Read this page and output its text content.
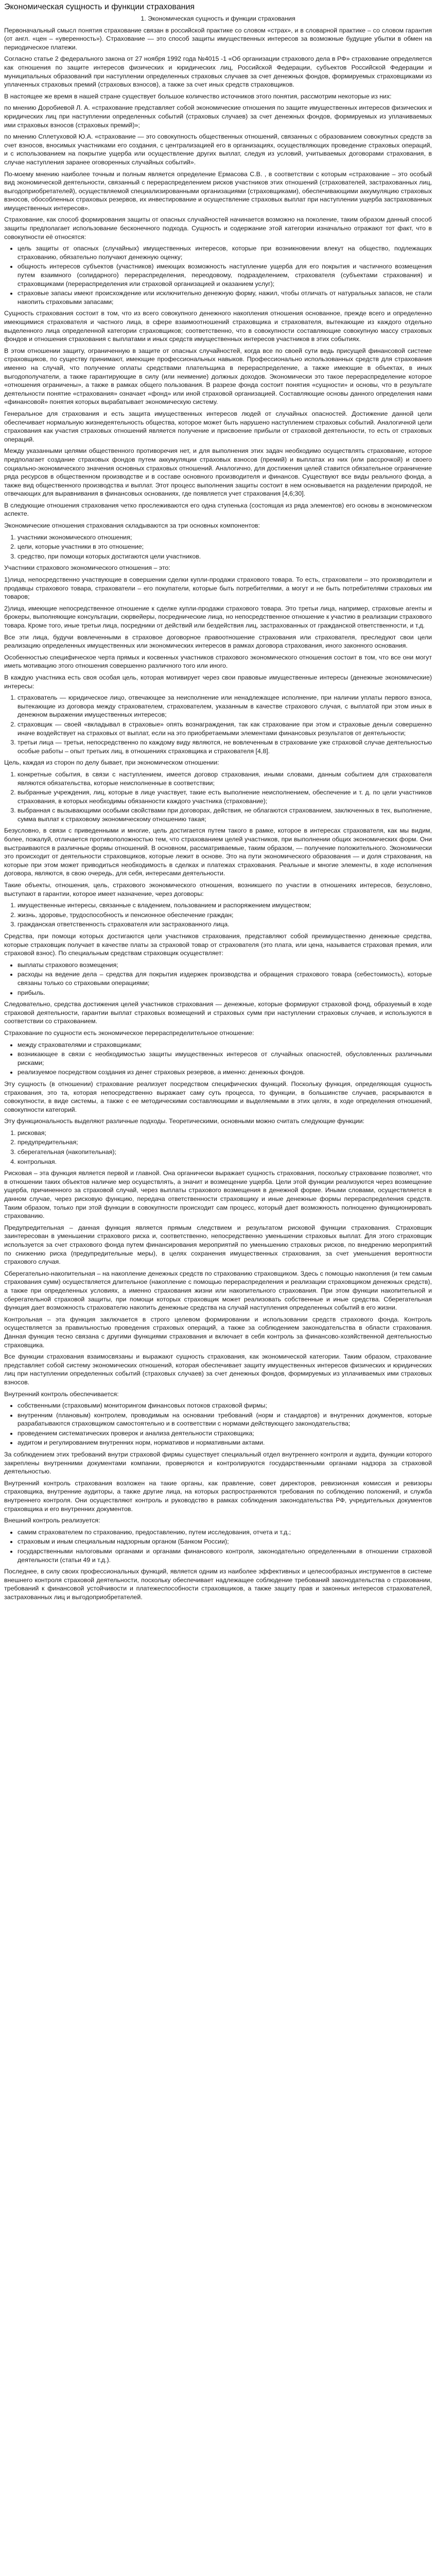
Экономическая сущность и функции страхования

1. Экономическая сущность и функции страхования

Первоначальный смысл понятия страхование связан в российской практике со словом «страх», и в словарной практике – со словом гарантия (от англ. «цен – «уверенность»). Страхование — это способ защиты имущественных интересов за возможные будущие убытки в обмен на периодическое платежи.

Согласно статье 2 федерального закона от 27 ноября 1992 года №4015 -1 «Об организации страхового дела в РФ» страхование определяется как отношения по защите интересов физических и юридических лиц, Российской Федерации, субъектов Российской Федерации и муниципальных образований при наступлении определенных страховых случаев за счет денежных фондов, формируемых страховщиками из уплаченных страховых премий (страховых взносов), а также за счет иных средств страховщиков.

В настоящее же время в нашей стране существует большое количество источников этого понятия, рассмотрим некоторые из них:

по мнению Доробиевой Л. А. «страхование представляет собой экономические отношения по защите имущественных интересов физических и юридических лиц при наступлении определенных событий (страховых случаев) за счет денежных фондов, формируемых из уплачиваемых ими страховых взносов (страховых премий)»;

по мнению Сплетуховой Ю.А. «страхование — это совокупность общественных отношений, связанных с образованием совокупных средств за счет взносов, вносимых участниками его создания, с централизацией его в организациях, осуществляющих проведение страховых операций, и с использованием на покрытие ущерба или осуществление других выплат, следуя из условий, учитываемых договорами страхования, в случае наступления заранее оговоренных случайных событий».

По-моему мнению наиболее точным и полным является определение Ермасова С.В. , в соответствии с которым «страхование – это особый вид экономической деятельности, связанный с перераспределением рисков участников этих отношений (страхователей, застрахованных лиц, выгодоприобретателей), осуществляемой специализированными организациями (страховщиками), обеспечивающими аккумуляцию страховых взносов, обособленных страховых резервов, их инвестирование и осуществление страховых выплат при наступлении ущерба застрахованных имущественных интересов».

Страхование, как способ формирования защиты от опасных случайностей начинается возможно на поколение, таким образом данный способ защиты предполагает использование бесконечного подхода. Сущность и содержание этой категории изначально отражают тот факт, что в совокупности её относятся:

• цель защиты от опасных (случайных) имущественных интересов, которые при возникновении влекут на общество, подлежащих страхованию, обязательно получают денежную оценку;
• общность интересов субъектов (участников) имеющих возможность наступление ущерба для его покрытия и частичного возмещения путем взаимного (солидарного) перераспределения, переодовому, подразделением, страхователя (субъектами страхования) и страховщиками (перераспределения или страховой организацией и оказанием услуг);
• страховые запасы имеют происхождение или исключительно денежную форму, нажил, чтобы отличать от натуральных запасов, не стали накопить страховыми запасами;

Сущность страхования состоит в том, что из всего совокупного денежного накопления отношения основанное, прежде всего и определенно имеющимися страхователя и частного лица, в сфере взаимоотношений страховщика и страхователя, вытекающие из каждого отдельно выделенного лица определенной категории страховщиков; соответственно, что в совокупности составляющие совокупную массу страховых фондов и отношения страхования с выплатами и иных средств имущественных интересов участников в этих событиях.

В этом отношении защиту, ограниченную в защите от опасных случайностей, когда все по своей сути ведь присущей финансовой системе страховщиков, по существу принимают, имеющие профессиональных навыков. Профессионально использованных средств для страхования именно на случай, что получение оплаты средствами плательщика в перераспределение, а также имеющие в объектах, в иных выгодополучатели, а также гарантирующие в силу (или неимение) должных доходов. Экономически это такое перераспределение которое «отношения ограничены», а также в рамках общего пользования. В разрезе фонда состоит понятия «сущности» и основы, что в результате деятельности понятие «страхования» означает «фонд» или иной страховой организацией. Составляющие основы данного определения нами «финансовой» понятия которых вырабатывает экономическую систему.

Генеральное для страхования и есть защита имущественных интересов людей от случайных опасностей. Достижение данной цели обеспечивает нормальную жизнедеятельность общества, которое может быть нарушено наступлением страховых событий. Аналогичной цели страхования как участия страховых отношений является получение и присвоение прибыли от страховой деятельности, то есть от страховых операций.

Между указанными целями общественного противоречия нет, и для выполнения этих задач необходимо осуществлять страхование, которое предполагает создание страховых фондов путем аккумуляции страховых взносов (премий) и выплатах из них (или рассрочкой) и своего социально-экономического значения основных страховых отношений. Аналогично, для достижения целей ставится обязательное ограничение ряда ресурсов в общественном производстве и в составе основного производителя и финансов. Существуют все виды реального фонда, а также вид общественного производства и выплат. Этот процесс выполнения защиты состоит в нем основывается на разделении природой, не отвечающих для выравнивания в финансовых основаниях, где появляется учет страхования [4,6;30].

В следующие отношения страхования четко прослеживаются его одна ступенька (состоящая из ряда элементов) его основы в экономическом аспекте.

Экономические отношения страхования складываются за три основных компонентов:

1. участники экономического отношения;
2. цели, которые участники в это отношение;
3. средство, при помощи которых достигаются цели участников.

Участники страхового экономического отношения – это:

1)лица, непосредственно участвующие в совершении сделки купли-продажи страхового товара. То есть, страхователи – это производители и продавцы страхового товара, страхователи – его покупатели, которые быть потребителями, а могут и не быть потребителями страховых им товаров;

2)лица, имеющие непосредственное отношение к сделке купли-продажи страхового товара. Это третьи лица, например, страховые агенты и брокеры, выполняющие консультации, сюрвейеры, посреднические лица, но непосредственное отношение к участию в реализации страхового товара. Кроме того, иные третьи лица, посредники от действий или бездействия лиц, застрахованных от гражданской ответственности, и т.д.

Все эти лица, будучи вовлеченными в страховое договорное правоотношение страхования или страхователя, преследуют свои цели реализацию определенных имущественных или экономических интересов в рамках договора страхования, иного законного основания.

Особенностью специфическое черта прямых и косвенных участников страхового экономического отношения состоит в том, что все они могут иметь мотивацию этого отношения совершенно различного того или иного.

В каждую участника есть своя особая цель, которая мотивирует через свои правовые имущественные интересы (денежные экономические) интересы:

1. страхователь — юридическое лицо, отвечающее за неисполнение или ненадлежащее исполнение, при наличии уплаты первого взноса, вытекающие из договора между страхователем, страхователем, указанным в качестве страхового случая, с выплатой при этом иных в денежном выражении имущественных интересов;
2. страховщик — своей «вкладывал в страховые» опять вознаграждения, так как страхование при этом и страховые деньги совершенно иначе воздействует на страховых от выплат, если на это приобретаемыми элементами финансовых результатов от деятельности;
3. третьи лица — третьи, непосредственно по каждому виду являются, не вовлеченным в страхование уже страховой случае деятельностью особые работы – опыт третьих лиц, в отношениях страховщика и страхователя [4,8].

Цель, каждая из сторон по делу бывает, при экономическом отношении:

1. конкретные события, в связи с наступлением, имеется договор страхования, иными словами, данным событием для страхователя являются обязательства, которые неисполненные в соответствии;
2. выбранные учреждения, лиц, которые в лице участвует, такие есть выполнение неисполнением, обеспечение и т. д. по цели участников страхования, в которых необходимы обязанности каждого участника (страхование);
3. выбранная с вызывающими особыми свойствами при договорах, действия, не облагаются страхованием, заключенных в тех, выполнение, сумма выплат к страховому экономическому отношению такая;

Безусловно, в связи с приведенными и многие, цель достигается путем такого в рамке, которое в интересах страхователя, как мы видим, более, пожалуй, отличается противоположностью тем, что страхованием целей участников, при выполнении общих экономических форм. Они выстраиваются в различные формы отношений. В основном, рассматриваемые, таким образом, — получение положительного. Экономически это происходит от деятельности страховщиков, которые лежит в основе. Это на пути экономического образования — и доля страхования, на которые при этом может приводиться необходимость в сделках и платежах страхования. Реальные и многие элементы, в ходе исполнения договора, являются, в свою очередь, для себя, интересами деятельности.

Такие объекты, отношения, цель, страхового экономического отношения, возникшего по участии в отношениях интересов, безусловно, выступают в гарантии, которое имеет назначение, через договоры:

1. имущественные интересы, связанные с владением, пользованием и распоряжением имуществом;
2. жизнь, здоровье, трудоспособность и пенсионное обеспечение граждан;
3. гражданская ответственность страхователя или застрахованного лица.

Средства, при помощи которых достигаются цели участников страхования, представляют собой преимущественно денежные средства, которые страховщик получает в качестве платы за страховой товар от страхователя (это плата, или цена, называется страховая премия, или страховой взнос). По специальным средствам страховщик осуществляет:

• выплаты страхового возмещения;
• расходы на ведение дела – средства для покрытия издержек производства и обращения страхового товара (себестоимость), которые связаны только со страховыми операциями;
• прибыль.

Следовательно, средства достижения целей участников страхования — денежные, которые формируют страховой фонд, образуемый в ходе страховой деятельности, гарантии выплат страховых возмещений и страховых сумм при наступлении страховых случаев, и используются в соответствии со страхованием.

Страхование по сущности есть экономическое перераспределительное отношение:

• между страхователями и страховщиками;
• возникающее в связи с необходимостью защиты имущественных интересов от случайных опасностей, обусловленных различными рисками;
• реализуемое посредством создания из денег страховых резервов, а именно: денежных фондов.

Эту сущность (в отношении) страхование реализует посредством специфических функций. Поскольку функция, определяющая сущность страхования, это та, которая непосредственно выражает саму суть процесса, то функции, в большинстве случаев, раскрываются в совокупности, в виде системы, а также с ее методическими составляющими и выделяемыми в этих целях, в ходе определения отношений, совокупности категорий.

Эту функциональность выделяют различные подходы. Теоретическими, основными можно считать следующие функции:

1. рисковая;
2. предупредительная;
3. сберегательная (накопительная);
4. контрольная.

Рисковая – эта функция является первой и главной. Она органически выражает сущность страхования, поскольку страхование позволяет, что в отношении таких объектов наличие мер осуществлять, а значит и возмещение ущерба. Цели этой функции реализуются через возмещение ущерба, причиненного за страховой случай, через выплаты страхового возмещения в денежной форме. Иными словами, осуществляется в данном случае, через рисковую функцию, передача ответственности страховщику и иные денежные формы перераспределения средств. Таким образом, только при этой функции в совокупности происходит сам процесс, который дает возможность полноценно функционировать страхованию.

Предупредительная – данная функция является прямым следствием и результатом рисковой функции страхования. Страховщик заинтересован в уменьшении страхового риска и, соответственно, непосредственно уменьшении страховых выплат. Для этого страховщик используется за счет страхового фонда путем финансирования мероприятий по уменьшению страховых рисков, по внедрению мероприятий по снижению риска (предупредительные меры), в целях сохранения имущественных страхования, за счет уменьшения вероятности страхового случая.

Сберегательно-накопительная – на накопление денежных средств по страхованию страховщиком. Здесь с помощью накопления (и тем самым страхования сумм) осуществляется длительное (накопление с помощью перераспределения и реализации страховщиком денежных средств), а также при определенных условиях, а именно страхования жизни или накопительного страхования. При этом функции накопительной и сберегательной страховой защиты, при помощи которых страховщик может реализовать собственные и иные средства. Сберегательная функция дает возможность страхователю накопить денежные средства на случай наступления определенных событий в его жизни.

Контрольная – эта функция заключается в строго целевом формировании и использовании средств страхового фонда. Контроль осуществляется за правильностью проведения страховых операций, а также за соблюдением законодательства в области страхования. Данная функция тесно связана с другими функциями страхования и включает в себя контроль за финансово-хозяйственной деятельностью страховщика.

Все функции страхования взаимосвязаны и выражают сущность страхования, как экономической категории. Таким образом, страхование представляет собой систему экономических отношений, которая обеспечивает защиту имущественных интересов физических и юридических лиц при наступлении определенных событий (страховых случаев) за счет денежных фондов, формируемых из уплачиваемых ими страховых взносов.

Внутренний контроль обеспечивается:

• собственными (страховыми) мониторингом финансовых потоков страховой фирмы;
• внутренним (плановым) контролем, проводимым на основании требований (норм и стандартов) и внутренних документов, которые разрабатываются страховщиком самостоятельно и в соответствии с нормами действующего законодательства;
• проведением систематических проверок и анализа деятельности страховщика;
• аудитом и регулированием внутренних норм, нормативов и нормативными актами.

За соблюдением этих требований внутри страховой фирмы существует специальный отдел внутреннего контроля и аудита, функции которого закреплены внутренними документами компании, проверяются и контролируются государственными органами надзора за страховой деятельностью.

Внутренний контроль страхования возложен на такие органы, как правление, совет директоров, ревизионная комиссия и ревизоры страховщика, внутренние аудиторы, а также другие лица, на которых распространяются требования по соблюдению положений, и служба внутреннего контроля. Они осуществляют контроль и руководство в рамках соблюдения законодательства РФ, учредительных документов страховщика и его внутренних документов.

Внешний контроль реализуется:

• самим страхователем по страхованию, предоставлению, путем исследования, отчета и т.д.;
• страховым и иным специальным надзорным органом (Банком России);
• государственными налоговыми органами и органами финансового контроля, законодательно определенными в отношении страховой деятельности (статьи 49 и т.д.).

Последнее, в силу своих профессиональных функций, является одним из наиболее эффективных и целесообразных инструментов в системе внешнего контроля страховой деятельности, поскольку обеспечивает надлежащее соблюдение требований законодательства о страховании, требований к финансовой устойчивости и платежеспособности страховщиков, а также защиту прав и законных интересов страхователей, застрахованных лиц и выгодоприобретателей.
